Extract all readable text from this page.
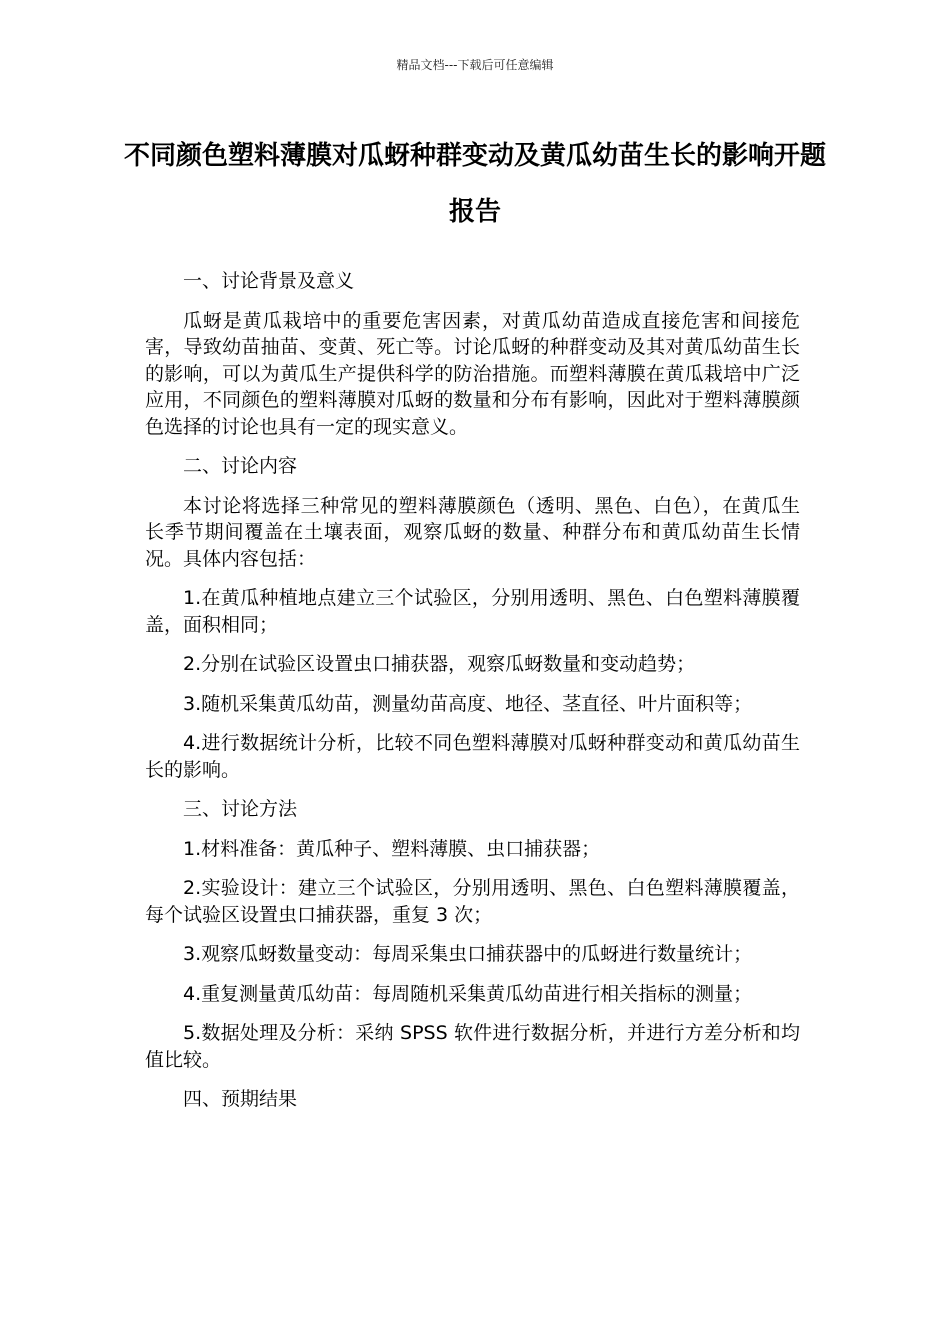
精品文档---下载后可任意编辑
不同颜色塑料薄膜对瓜蚜种群变动及黄瓜幼苗生长的影响开题报告

一、讨论背景及意义

瓜蚜是黄瓜栽培中的重要危害因素，对黄瓜幼苗造成直接危害和间接危害，导致幼苗抽苗、变黄、死亡等。讨论瓜蚜的种群变动及其对黄瓜幼苗生长的影响，可以为黄瓜生产提供科学的防治措施。而塑料薄膜在黄瓜栽培中广泛应用，不同颜色的塑料薄膜对瓜蚜的数量和分布有影响，因此对于塑料薄膜颜色选择的讨论也具有一定的现实意义。

二、讨论内容

本讨论将选择三种常见的塑料薄膜颜色（透明、黑色、白色），在黄瓜生长季节期间覆盖在土壤表面，观察瓜蚜的数量、种群分布和黄瓜幼苗生长情况。具体内容包括：

1.在黄瓜种植地点建立三个试验区，分别用透明、黑色、白色塑料薄膜覆盖，面积相同；

2.分别在试验区设置虫口捕获器，观察瓜蚜数量和变动趋势；

3.随机采集黄瓜幼苗，测量幼苗高度、地径、茎直径、叶片面积等；

4.进行数据统计分析，比较不同色塑料薄膜对瓜蚜种群变动和黄瓜幼苗生长的影响。

三、讨论方法

1.材料准备：黄瓜种子、塑料薄膜、虫口捕获器；

2.实验设计：建立三个试验区，分别用透明、黑色、白色塑料薄膜覆盖，每个试验区设置虫口捕获器，重复 3 次；

3.观察瓜蚜数量变动：每周采集虫口捕获器中的瓜蚜进行数量统计；

4.重复测量黄瓜幼苗：每周随机采集黄瓜幼苗进行相关指标的测量；

5.数据处理及分析：采纳 SPSS 软件进行数据分析，并进行方差分析和均值比较。

四、预期结果
